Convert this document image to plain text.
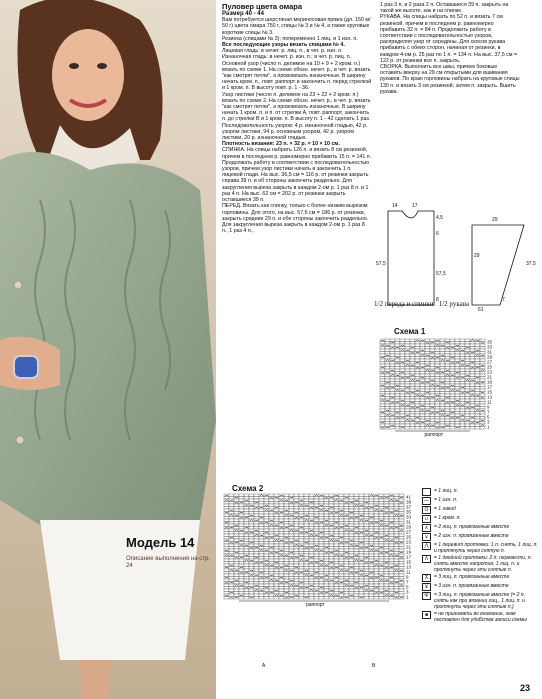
Модель 14
Описание выполнения на стр. 24
Пуловер цвета омара
Размер 40 - 44
Вам потребуется шерстяная мериносовая пряжа (дл. 150 м/ 50 г) цвета омара 750 г, спицы № 3 и № 4, а также круговые короткие спицы № 3.
Резинка (спицами № 3): попеременно 1 лиц. и 1 изн. п.
Все последующие узоры вязать спицами № 4.
Лицевая гладь: в нечет. р. лиц. п., в чет. р. изн. п.
Изнаночная гладь: в нечет. р. изн. п.; в чет. р. лиц. п.
Основной узор (число п. делимое на 10 + 9 + 2 кром. п.) вязать по схеме 1. На схеме обозн. нечет. р., в чет. р. вязать "как смотрят петли", а прововязать изнаночные. В ширину начать кром. п., повт. раппорт и закончить п. перед стрелкой и 1 кром. п. В высоту повт. р. 1 - 36.
Узор листики (число п. делимое на 23 + 22 + 2 кром. п.) вязать по схеме 2. На схеме обозн. нечет. р., в чет. р. вязать "как смотрят петли", а прововязать изнаночные. В ширину начать 1 кром. п. и п. от стрелки A, повт. раппорт, закончить п. до стрелки B и 1 кром. п. В высоту п. 1 - 42 сделать 1 раз.
Последовательность узоров: 4 р. изнаночной гладью, 42 р. узором листики, 94 р. основным узором, 42 р. узором листики, 20 р. изнаночной гладью.
Плотность вязания: 23 п. × 32 р. = 10 × 10 см.
СПИНКА. На спицы набрать 126 п. и вязать 8 см резинкой, причем в последнем р. равномерно прибавить 15 п. = 141 п. Продолжать работу в соответствии с последовательностью узоров, причем узор листики начать и закончить 1 п. лицевой глади. На выс. 36,5 см = 116 р. от резинки закрыть справа 39 п. и об стороны закончить раздельно. Для закругления выреза закрыть в каждом 2-ом р. 1 раз 8 п. и 1 раз 4 п. На выс. 62 см = 202 р. от резинки закрыть оставшиеся 39 п.
ПЕРЕД. Вязать как спинку, только с более низким вырезом горловины. Для этого, на выс. 57,5 см = 186 р. от резинки, закрыть средние 29 п. и обе стороны закончить раздельно. Для закругления выреза закрыть в каждом 2-ом р. 1 раз 8 п., 1 раз 4 п.,
1 раз 3 п. и 2 раза 2 п. Оставшиеся 39 п. закрыть на такой же высоте, как и на спинке.
РУКАВА. На спицы набрать по 52 п. и вязать 7 см резинкой, причем в последнем р. равномерно прибавить 32 п. = 84 п. Продолжить работу в соответствии с последовательностью узоров, распределяя узор от середины. Для скосов рукава прибавить с обеих сторон, начиная от резинки, в каждом 4-ом р. 25 раз по 1 п. = 134 п. На выс. 37,5 см = 122 р. от резинки все п. закрыть.
СБОРКА. Выполнить все швы, причем боковые оставить вверху на 29 см открытыми для вшивания рукавов. По краю горловины набрать на круговые спицы 130 п. и вязать 3 см резинкой; затем п. закрыть. Вшить рукава.
14	17
4,5
6
57,5
57,5
8
29
29
37,5
7
61
1/2 переда и спинки 1/2 рукава
Схема 1
35
33
31
29
27
25
23
21
19
17
15
13
11
9
7
5
3
1
раппорт
Схема 2
41
39
37
35
33
31
29
27
25
23
21
19
17
15
13
11
9
7
5
3
1
раппорт
A	B
= 1 лиц. п.
—	= 1 изн. п.
O	= 1 накид
∪	= 1 кром. п.
∧	= 2 лиц. п. провязанные вместе
∨	= 2 изн. п. провязанные вместе
⋀	= 1 перевит протяжки: 1 п. снять, 1 лиц. п. и протянуть через снятую п.
Λ	= 1 двойной протяжки: 2 п. перевести, п. снять вместе напротив, 1 лиц. п. и протянуть через эти снятые п.
⊼	= 3 лиц. п. провязанные вместе
⊻	= 3 изн. п. провязанные вместе
Ψ	= 3 лиц. п. провязанные вместе (= 2 п. снять как при вязании лиц., 1 лиц. п. и протянуть через эти снятые п.)
■	= не принимать во внимание, знак поставлен для удобства записи схемы
23
